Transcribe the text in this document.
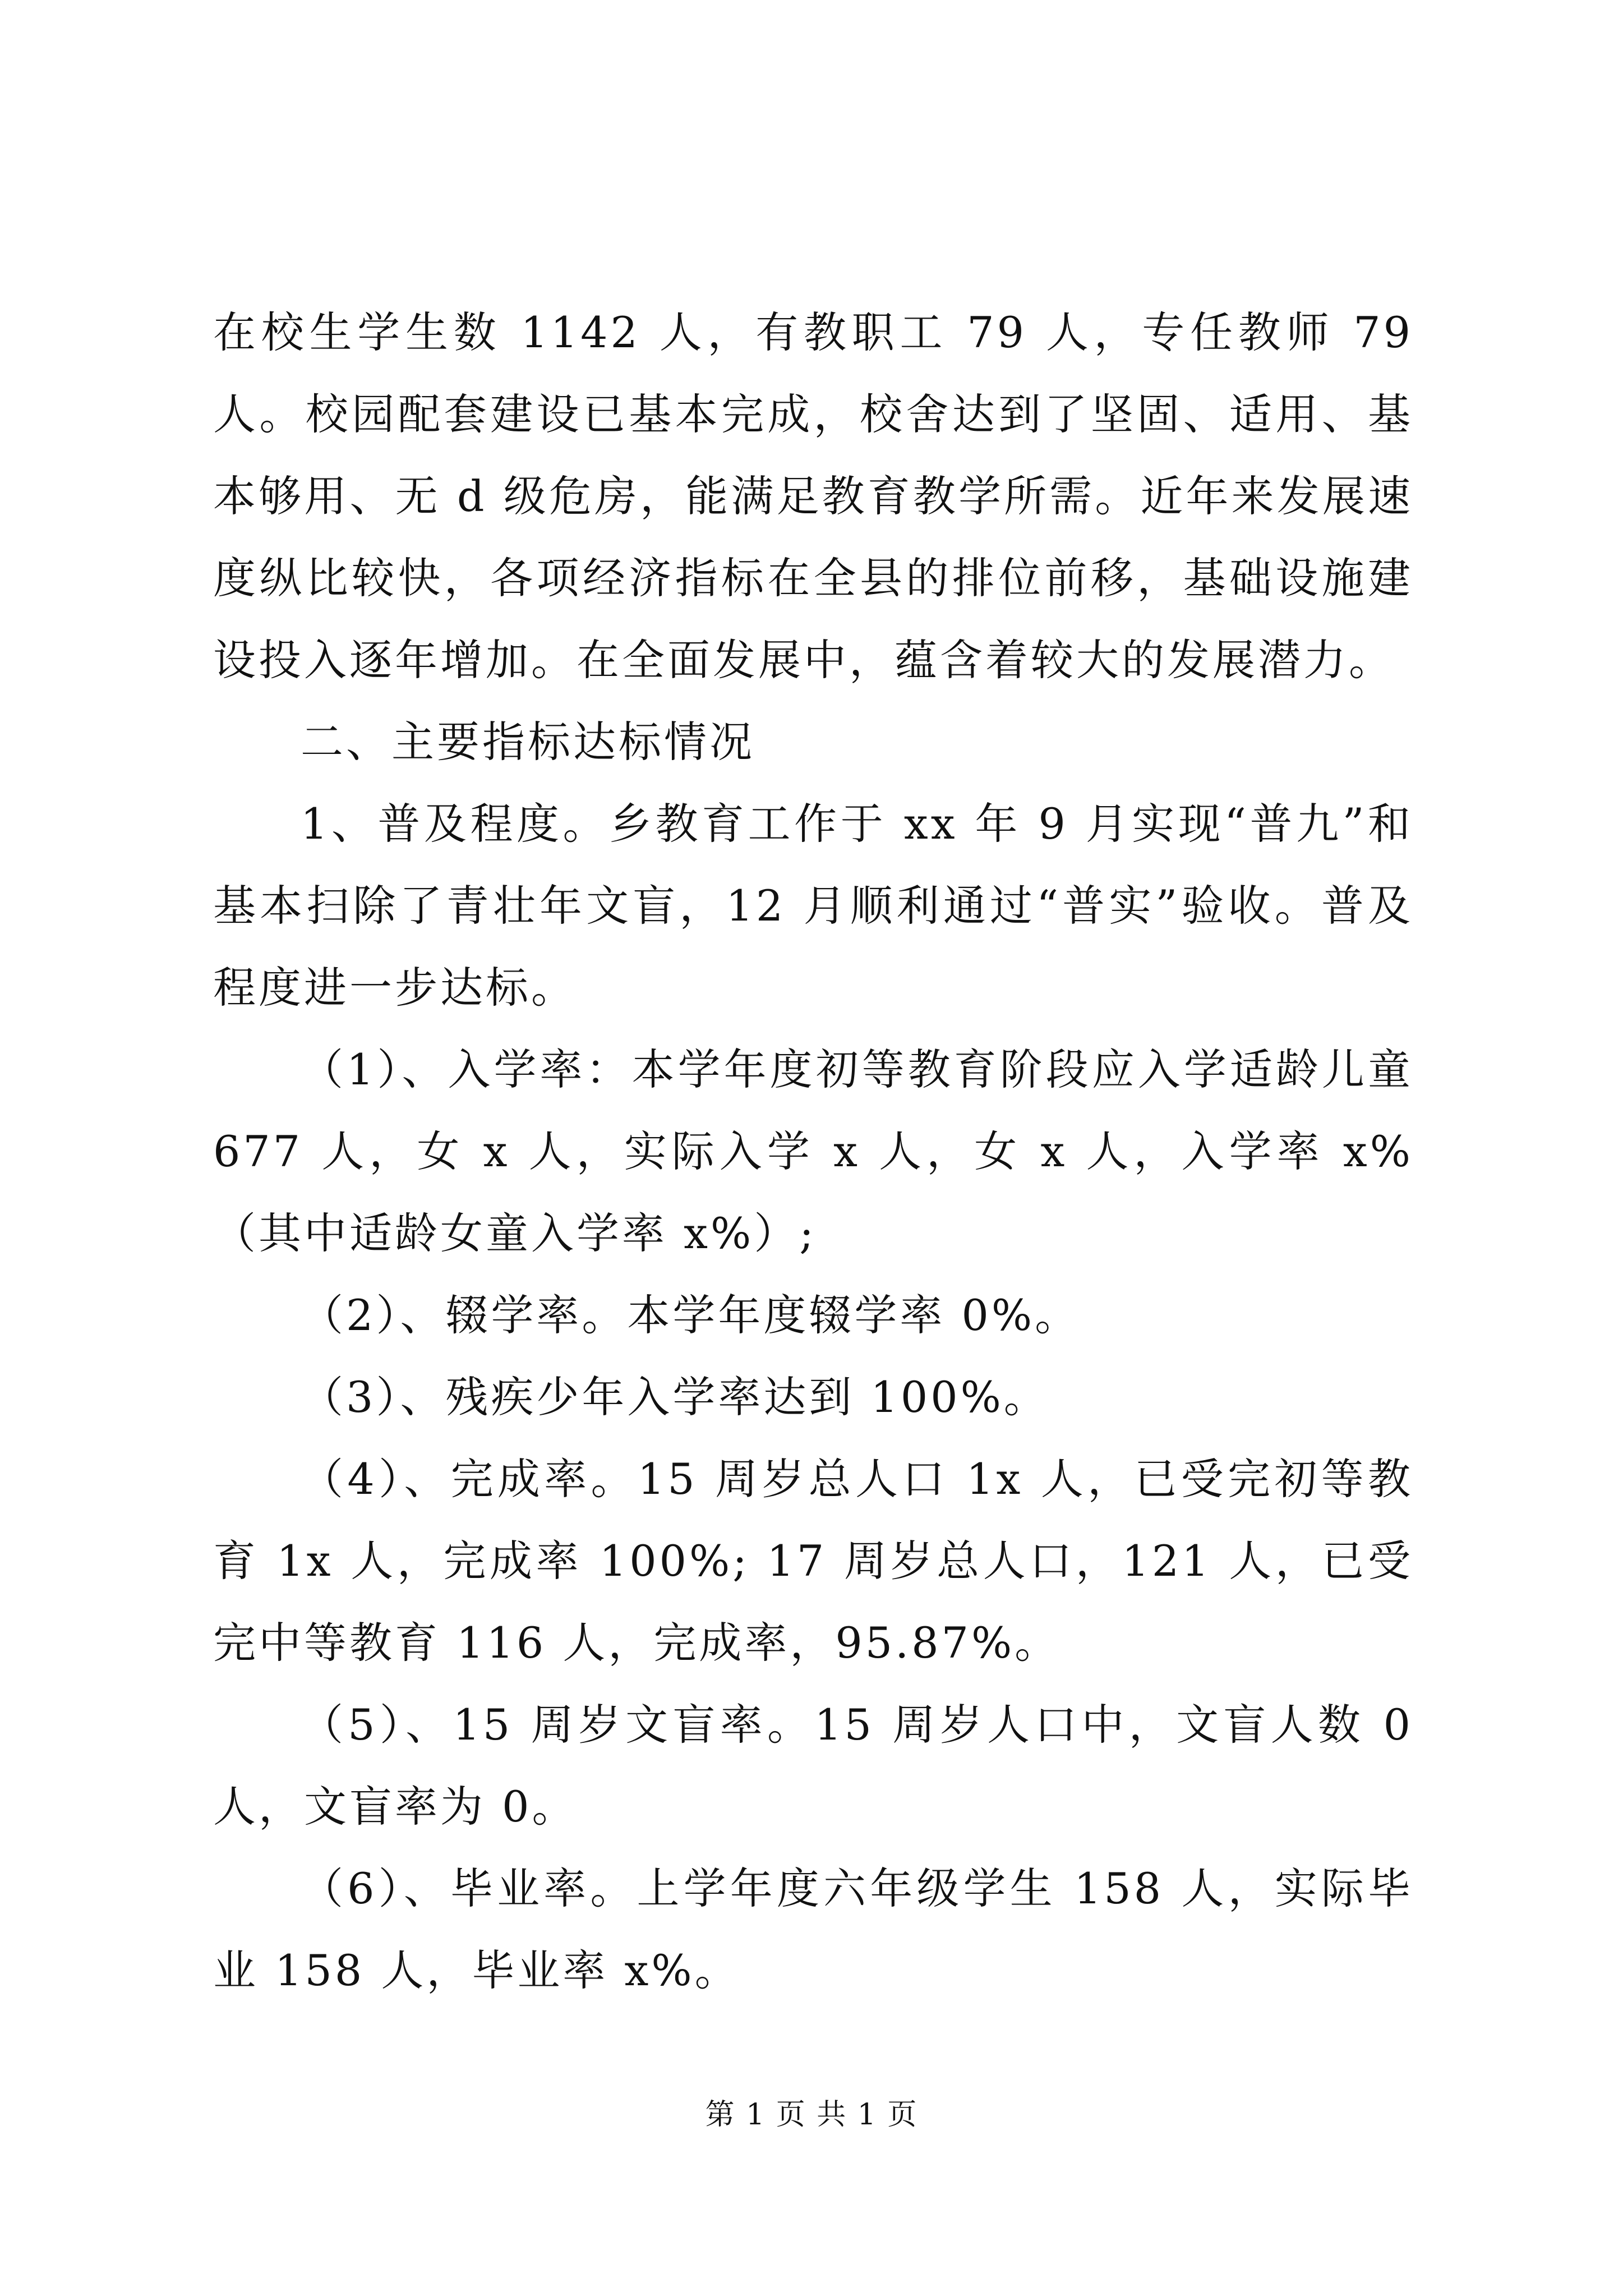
在校生学生数 1142 人，有教职工 79 人，专任教师 79 人。校园配套建设已基本完成，校舍达到了坚固、适用、基本够用、无 d 级危房，能满足教育教学所需。近年来发展速度纵比较快，各项经济指标在全县的排位前移，基础设施建设投入逐年增加。在全面发展中，蕴含着较大的发展潜力。

二、主要指标达标情况

1、普及程度。乡教育工作于 xx 年 9 月实现“普九”和基本扫除了青壮年文盲，12 月顺利通过“普实”验收。普及程度进一步达标。

（1）、入学率：本学年度初等教育阶段应入学适龄儿童 677 人，女 x 人，实际入学 x 人，女 x 人，入学率 x%（其中适龄女童入学率 x%）;

（2）、辍学率。本学年度辍学率 0%。

（3）、残疾少年入学率达到 100%。

（4）、完成率。15 周岁总人口 1x 人，已受完初等教育 1x 人，完成率 100%; 17 周岁总人口，121 人，已受完中等教育 116 人，完成率，95.87%。

（5）、15 周岁文盲率。15 周岁人口中，文盲人数 0 人，文盲率为 0。

（6）、毕业率。上学年度六年级学生 158 人，实际毕业 158 人，毕业率 x%。

第 1 页 共 1 页
